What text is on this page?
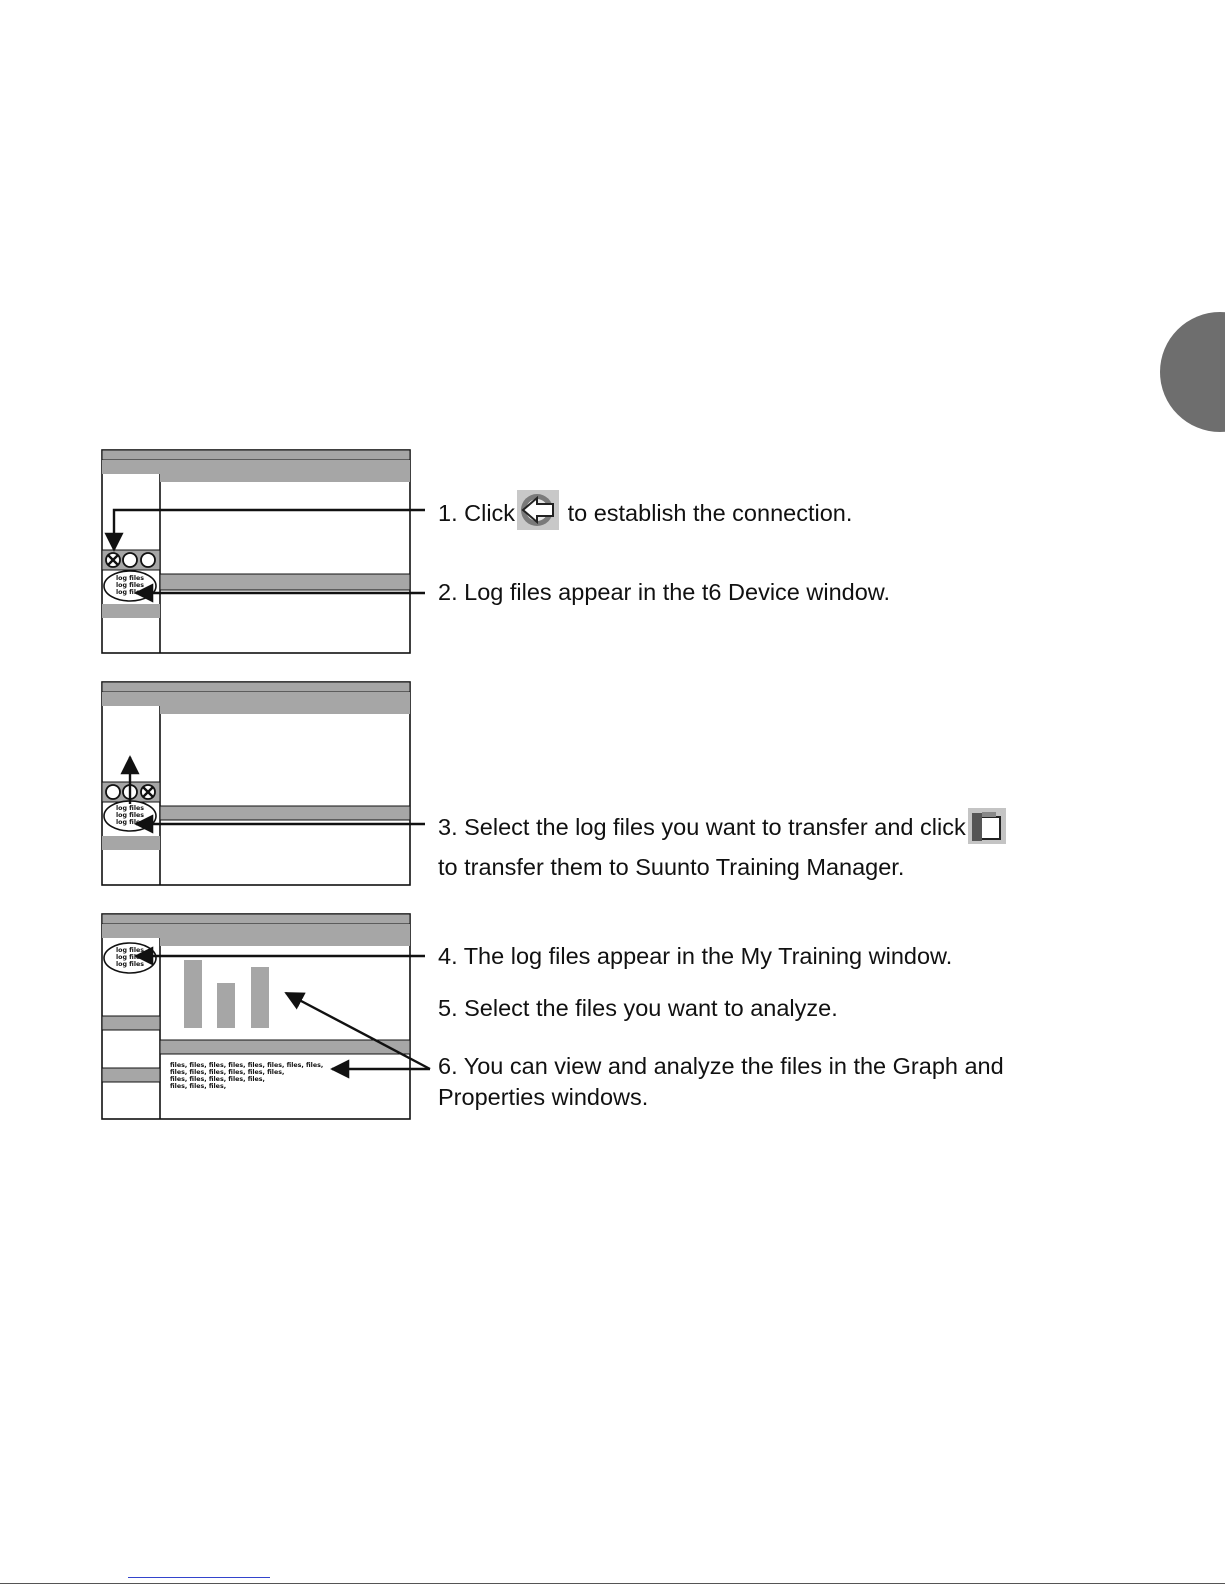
1. Click to establish the connection.
2. Log files appear in the t6 Device window.
3. Select the log files you want to transfer and click
to transfer them to Suunto Training Manager.
4. The log files appear in the My Training window.
5. Select the files you want to analyze.
6. You can view and analyze the files in the Graph and
Properties windows.
log files
log files
log files
log files
log files
log files
log files
log files
log files
files, files, files, files, files, files, files, files,
files, files, files, files, files, files,
files, files, files, files, files,
files, files, files,
